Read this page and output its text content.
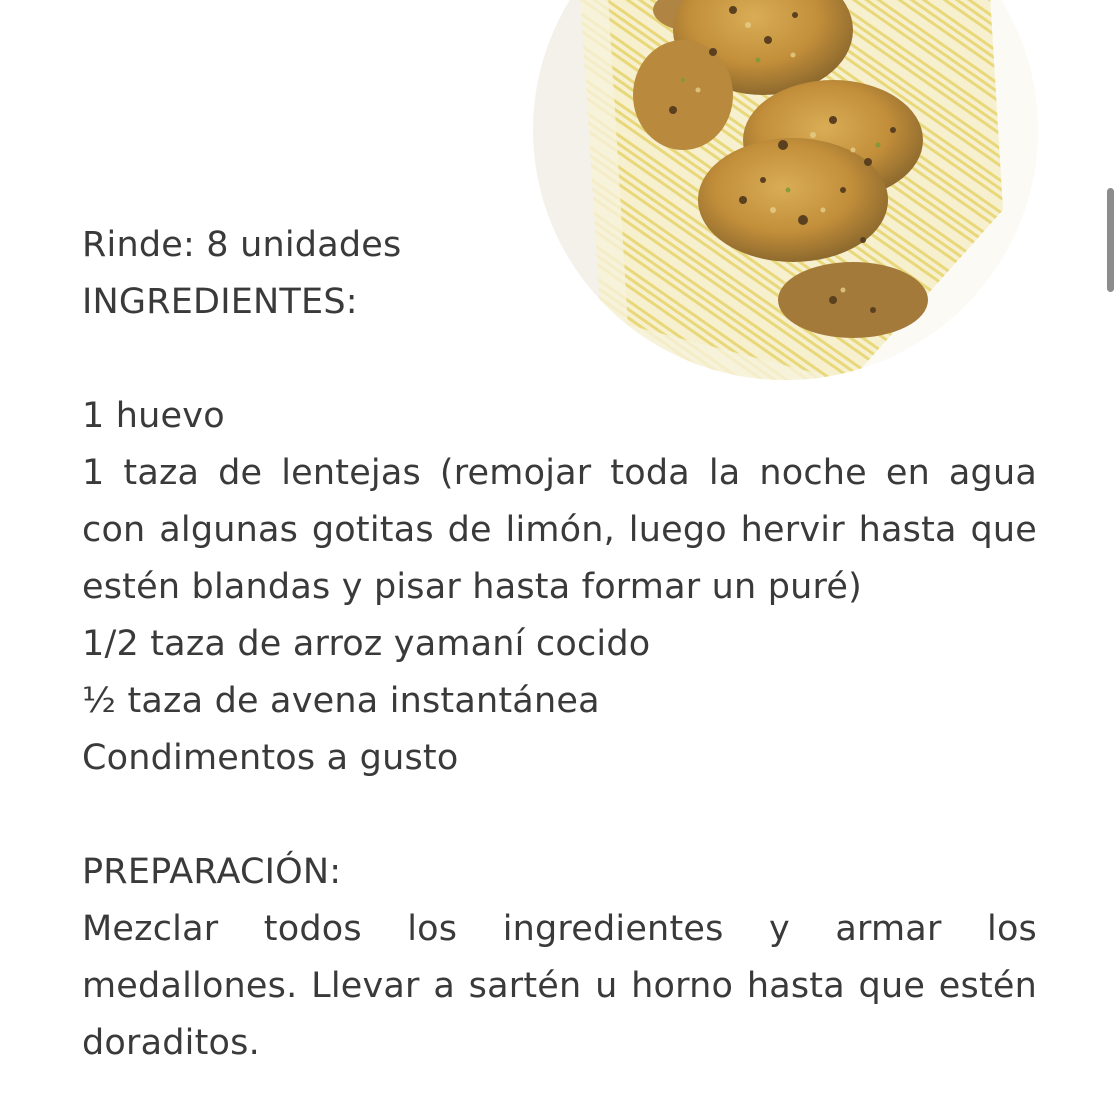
Rinde: 8 unidades
INGREDIENTES:
1 huevo
1 taza de lentejas (remojar toda la noche en agua
con algunas gotitas de limón, luego hervir hasta que
estén blandas y pisar hasta formar un puré)
1/2 taza de arroz yamaní cocido
½ taza de avena instantánea
Condimentos a gusto
PREPARACIÓN:
Mezclar todos los ingredientes y armar los
medallones. Llevar a sartén u horno hasta que estén
doraditos.
